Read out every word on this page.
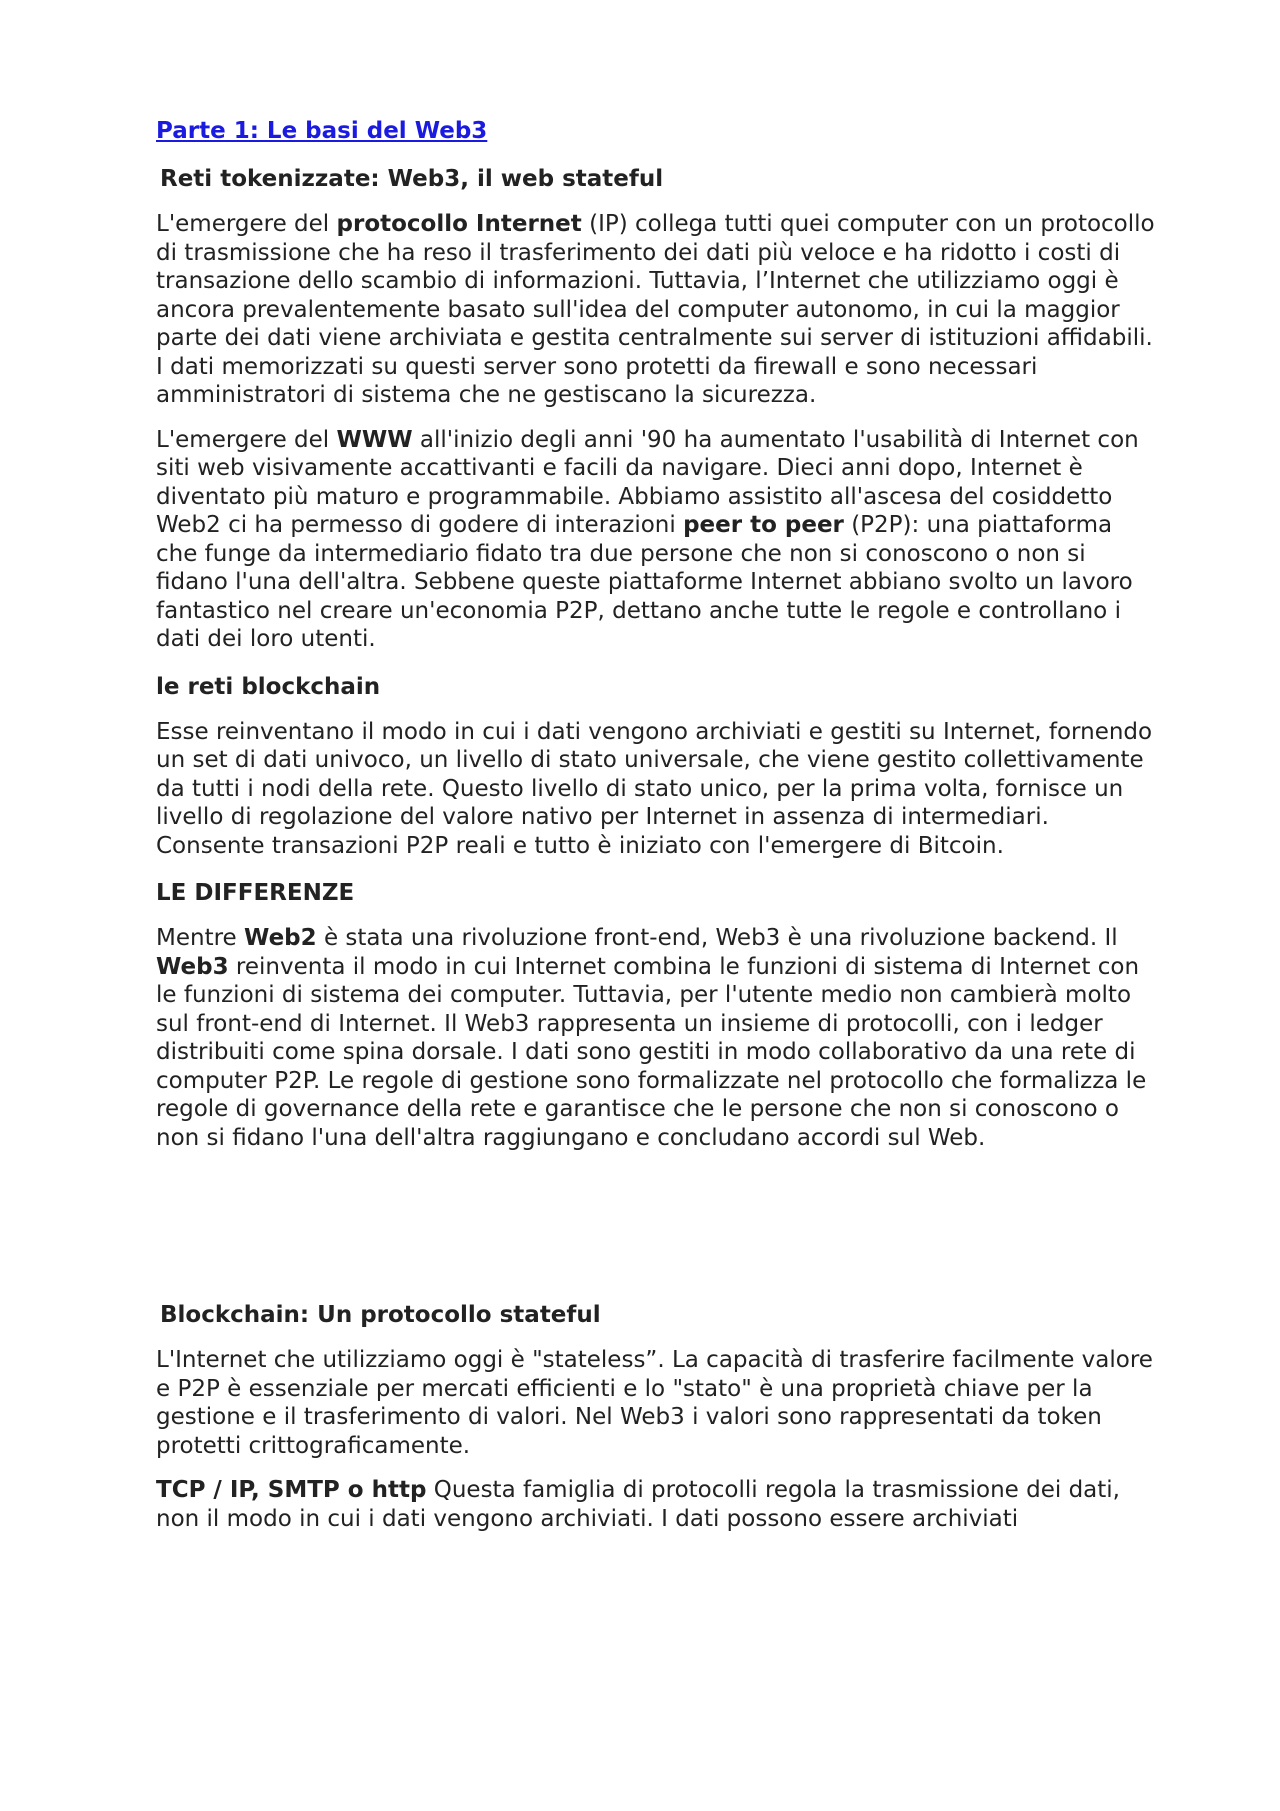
Parte 1: Le basi del Web3
Reti tokenizzate: Web3, il web stateful

L'emergere del protocollo Internet (IP) collega tutti quei computer con un protocollo di trasmissione che ha reso il trasferimento dei dati più veloce e ha ridotto i costi di transazione dello scambio di informazioni. Tuttavia, l’Internet che utilizziamo oggi è ancora prevalentemente basato sull'idea del computer autonomo, in cui la maggior parte dei dati viene archiviata e gestita centralmente sui server di istituzioni affidabili. I dati memorizzati su questi server sono protetti da firewall e sono necessari amministratori di sistema che ne gestiscano la sicurezza.

L'emergere del WWW all'inizio degli anni '90 ha aumentato l'usabilità di Internet con siti web visivamente accattivanti e facili da navigare. Dieci anni dopo, Internet è diventato più maturo e programmabile. Abbiamo assistito all'ascesa del cosiddetto Web2 ci ha permesso di godere di interazioni peer to peer (P2P): una piattaforma che funge da intermediario fidato tra due persone che non si conoscono o non si fidano l'una dell'altra. Sebbene queste piattaforme Internet abbiano svolto un lavoro fantastico nel creare un'economia P2P, dettano anche tutte le regole e controllano i dati dei loro utenti.

le reti blockchain

Esse reinventano il modo in cui i dati vengono archiviati e gestiti su Internet, fornendo un set di dati univoco, un livello di stato universale, che viene gestito collettivamente da tutti i nodi della rete. Questo livello di stato unico, per la prima volta, fornisce un livello di regolazione del valore nativo per Internet in assenza di intermediari. Consente transazioni P2P reali e tutto è iniziato con l'emergere di Bitcoin.

LE DIFFERENZE

Mentre Web2 è stata una rivoluzione front-end, Web3 è una rivoluzione backend. Il Web3 reinventa il modo in cui Internet combina le funzioni di sistema di Internet con le funzioni di sistema dei computer. Tuttavia, per l'utente medio non cambierà molto sul front-end di Internet. Il Web3 rappresenta un insieme di protocolli, con i ledger distribuiti come spina dorsale. I dati sono gestiti in modo collaborativo da una rete di computer P2P. Le regole di gestione sono formalizzate nel protocollo che formalizza le regole di governance della rete e garantisce che le persone che non si conoscono o non si fidano l'una dell'altra raggiungano e concludano accordi sul Web.

Blockchain: Un protocollo stateful

L'Internet che utilizziamo oggi è "stateless”. La capacità di trasferire facilmente valore e P2P è essenziale per mercati efficienti e lo "stato" è una proprietà chiave per la gestione e il trasferimento di valori. Nel Web3 i valori sono rappresentati da token protetti crittograficamente.

TCP / IP, SMTP o http Questa famiglia di protocolli regola la trasmissione dei dati, non il modo in cui i dati vengono archiviati. I dati possono essere archiviati
